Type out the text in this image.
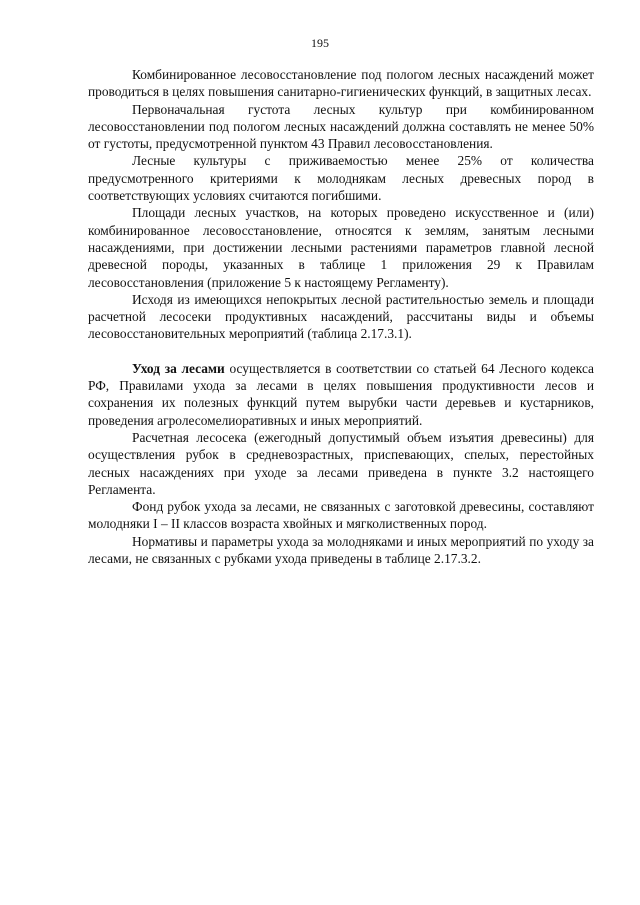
195

Комбинированное лесовосстановление под пологом лесных насаждений может проводиться в целях повышения санитарно-гигиенических функций, в защитных лесах.

Первоначальная густота лесных культур при комбинированном лесовосстановлении под пологом лесных насаждений должна составлять не менее 50% от густоты, предусмотренной пунктом 43 Правил лесовосстановления.

Лесные культуры с приживаемостью менее 25% от количества предусмотренного критериями к молоднякам лесных древесных пород в соответствующих условиях считаются погибшими.

Площади лесных участков, на которых проведено искусственное и (или) комбинированное лесовосстановление, относятся к землям, занятым лесными насаждениями, при достижении лесными растениями параметров главной лесной древесной породы, указанных в таблице 1 приложения 29 к Правилам лесовосстановления (приложение 5 к настоящему Регламенту).

Исходя из имеющихся непокрытых лесной растительностью земель и площади расчетной лесосеки продуктивных насаждений, рассчитаны виды и объемы лесовосстановительных мероприятий (таблица 2.17.3.1).

Уход за лесами осуществляется в соответствии со статьей 64 Лесного кодекса РФ, Правилами ухода за лесами в целях повышения продуктивности лесов и сохранения их полезных функций путем вырубки части деревьев и кустарников, проведения агролесомелиоративных и иных мероприятий.

Расчетная лесосека (ежегодный допустимый объем изъятия древесины) для осуществления рубок в средневозрастных, приспевающих, спелых, перестойных лесных насаждениях при уходе за лесами приведена в пункте 3.2 настоящего Регламента.

Фонд рубок ухода за лесами, не связанных с заготовкой древесины, составляют молодняки I – II классов возраста хвойных и мягколиственных пород.

Нормативы и параметры ухода за молодняками и иных мероприятий по уходу за лесами, не связанных с рубками ухода приведены в таблице 2.17.3.2.
